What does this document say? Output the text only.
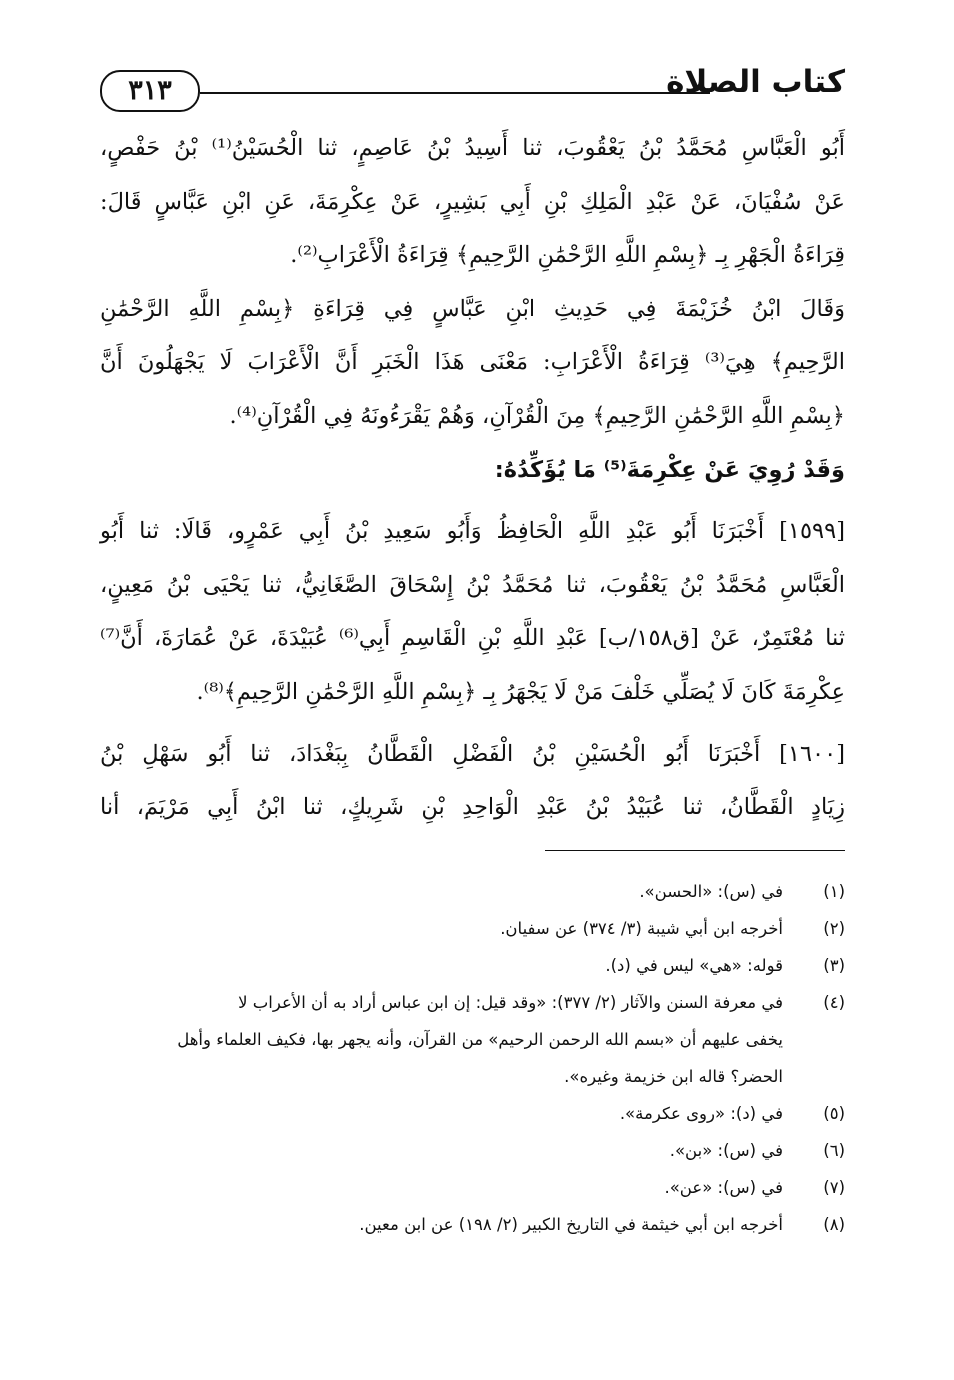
كتاب الصلاة
٣١٣
أَبُو الْعَبَّاسِ مُحَمَّدُ بْنُ يَعْقُوبَ، ثنا أَسِيدُ بْنُ عَاصِمٍ، ثنا الْحُسَيْنُ⁽¹⁾ بْنُ حَفْصٍ،
عَنْ سُفْيَانَ، عَنْ عَبْدِ الْمَلِكِ بْنِ أَبِي بَشِيرٍ، عَنْ عِكْرِمَةَ، عَنِ ابْنِ عَبَّاسٍ قَالَ:
قِرَاءَةُ الْجَهْرِ بِـ ﴿بِسْمِ اللَّهِ الرَّحْمَٰنِ الرَّحِيمِ﴾ قِرَاءَةُ الْأَعْرَابِ⁽²⁾.
وَقَالَ ابْنُ خُزَيْمَةَ فِي حَدِيثِ ابْنِ عَبَّاسٍ فِي قِرَاءَةِ ﴿بِسْمِ اللَّهِ الرَّحْمَٰنِ
الرَّحِيمِ﴾ هِيَ⁽³⁾ قِرَاءَةُ الْأَعْرَابِ: مَعْنَى هَذَا الْخَبَرِ أَنَّ الْأَعْرَابَ لَا يَجْهَلُونَ أَنَّ
﴿بِسْمِ اللَّهِ الرَّحْمَٰنِ الرَّحِيمِ﴾ مِنَ الْقُرْآنِ، وَهُمْ يَقْرَءُونَهُ فِي الْقُرْآنِ⁽⁴⁾.
وَقَدْ رُوِيَ عَنْ عِكْرِمَةَ⁽⁵⁾ مَا يُؤَكِّدُهُ:
[١٥٩٩] أَخْبَرَنَا أَبُو عَبْدِ اللَّهِ الْحَافِظُ وَأَبُو سَعِيدِ بْنُ أَبِي عَمْرٍو، قَالَا: ثنا أَبُو
الْعَبَّاسِ مُحَمَّدُ بْنُ يَعْقُوبَ، ثنا مُحَمَّدُ بْنُ إِسْحَاقَ الصَّغَانِيُّ، ثنا يَحْيَى بْنُ مَعِينٍ،
ثنا مُعْتَمِرٌ، عَنْ [ق١٥٨/ب] عَبْدِ اللَّهِ بْنِ الْقَاسِمِ أَبِي⁽⁶⁾ عُبَيْدَةَ، عَنْ عُمَارَةَ، أَنَّ⁽⁷⁾
عِكْرِمَةَ كَانَ لَا يُصَلِّي خَلْفَ مَنْ لَا يَجْهَرُ بِـ ﴿بِسْمِ اللَّهِ الرَّحْمَٰنِ الرَّحِيمِ﴾⁽⁸⁾.
[١٦٠٠] أَخْبَرَنَا أَبُو الْحُسَيْنِ بْنُ الْفَضْلِ الْقَطَّانُ بِبَغْدَادَ، ثنا أَبُو سَهْلِ بْنُ
زِيَادٍ الْقَطَّانُ، ثنا عُبَيْدُ بْنُ عَبْدِ الْوَاحِدِ بْنِ شَرِيكٍ، ثنا ابْنُ أَبِي مَرْيَمَ، أنا
(١)
في (س): «الحسن».
(٢)
أخرجه ابن أبي شيبة (٣/ ٣٧٤) عن سفيان.
(٣)
قوله: «هي» ليس في (د).
(٤)
في معرفة السنن والآثار (٢/ ٣٧٧): «وقد قيل: إن ابن عباس أراد به أن الأعراب لا
يخفى عليهم أن «بسم الله الرحمن الرحيم» من القرآن، وأنه يجهر بها، فكيف العلماء وأهل
الحضر؟ قاله ابن خزيمة وغيره».
(٥)
في (د): «روى عكرمة».
(٦)
في (س): «بن».
(٧)
في (س): «عن».
(٨)
أخرجه ابن أبي خيثمة في التاريخ الكبير (٢/ ١٩٨) عن ابن معين.
